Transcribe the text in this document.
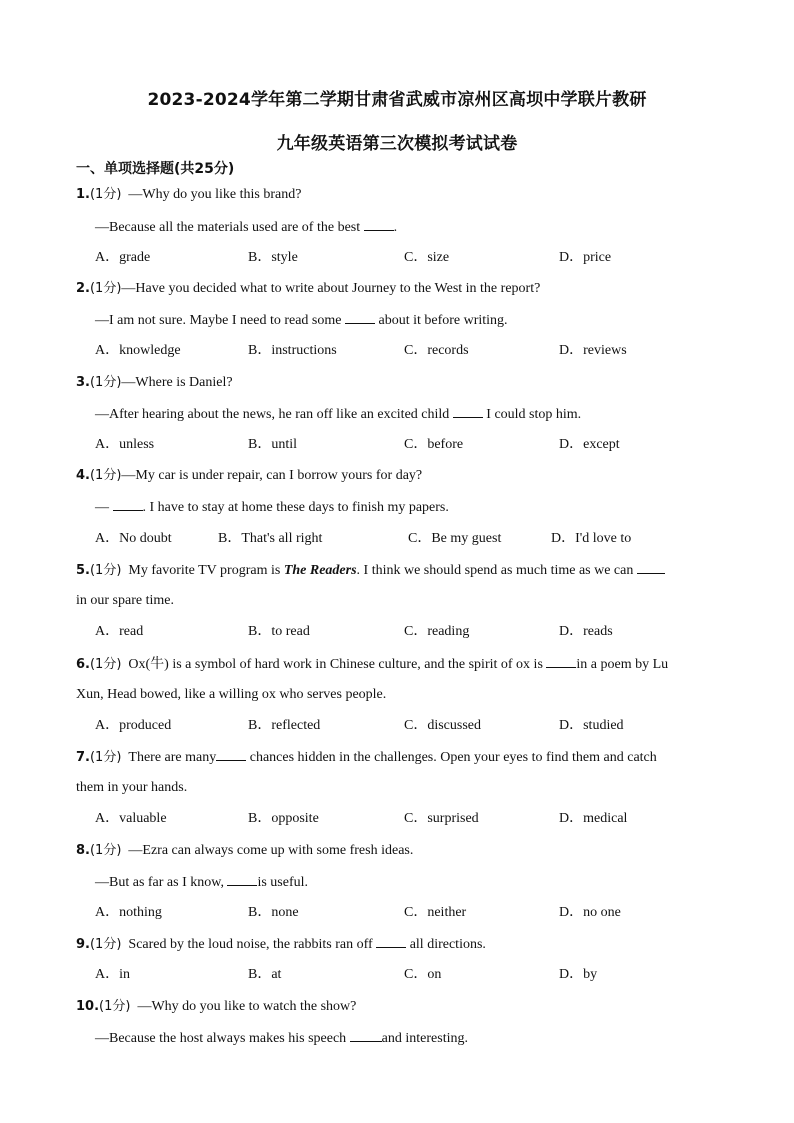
2023-2024学年第二学期甘肃省武威市凉州区高坝中学联片教研
九年级英语第三次模拟考试试卷
一、单项选择题(共25分)
1.(1分) —Why do you like this brand?
—Because all the materials used are of the best .
A．grade	B．style	C．size	D．price
2.(1分)—Have you decided what to write about Journey to the West in the report?
—I am not sure. Maybe I need to read some  about it before writing.
A．knowledge	B．instructions	C．records	D．reviews
3.(1分)—Where is Daniel?
—After hearing about the news, he ran off like an excited child  I could stop him.
A．unless	B．until	C．before	D．except
4.(1分)—My car is under repair, can I borrow yours for day?
— . I have to stay at home these days to finish my papers.
A．No doubt	B．That's all right	C．Be my guest	D．I'd love to
5.(1分) My favorite TV program is The Readers. I think we should spend as much time as we can
in our spare time.
A．read	B．to read	C．reading	D．reads
6.(1分) Ox(牛) is a symbol of hard work in Chinese culture, and the spirit of ox is in a poem by Lu
Xun, Head bowed, like a willing ox who serves people.
A．produced	B．reflected	C．discussed	D．studied
7.(1分) There are many chances hidden in the challenges. Open your eyes to find them and catch
them in your hands.
A．valuable	B．opposite	C．surprised	D．medical
8.(1分) —Ezra can always come up with some fresh ideas.
—But as far as I know, is useful.
A．nothing	B．none	C．neither	D．no one
9.(1分) Scared by the loud noise, the rabbits ran off  all directions.
A．in	B．at	C．on	D．by
10.(1分) —Why do you like to watch the show?
—Because the host always makes his speech and interesting.
